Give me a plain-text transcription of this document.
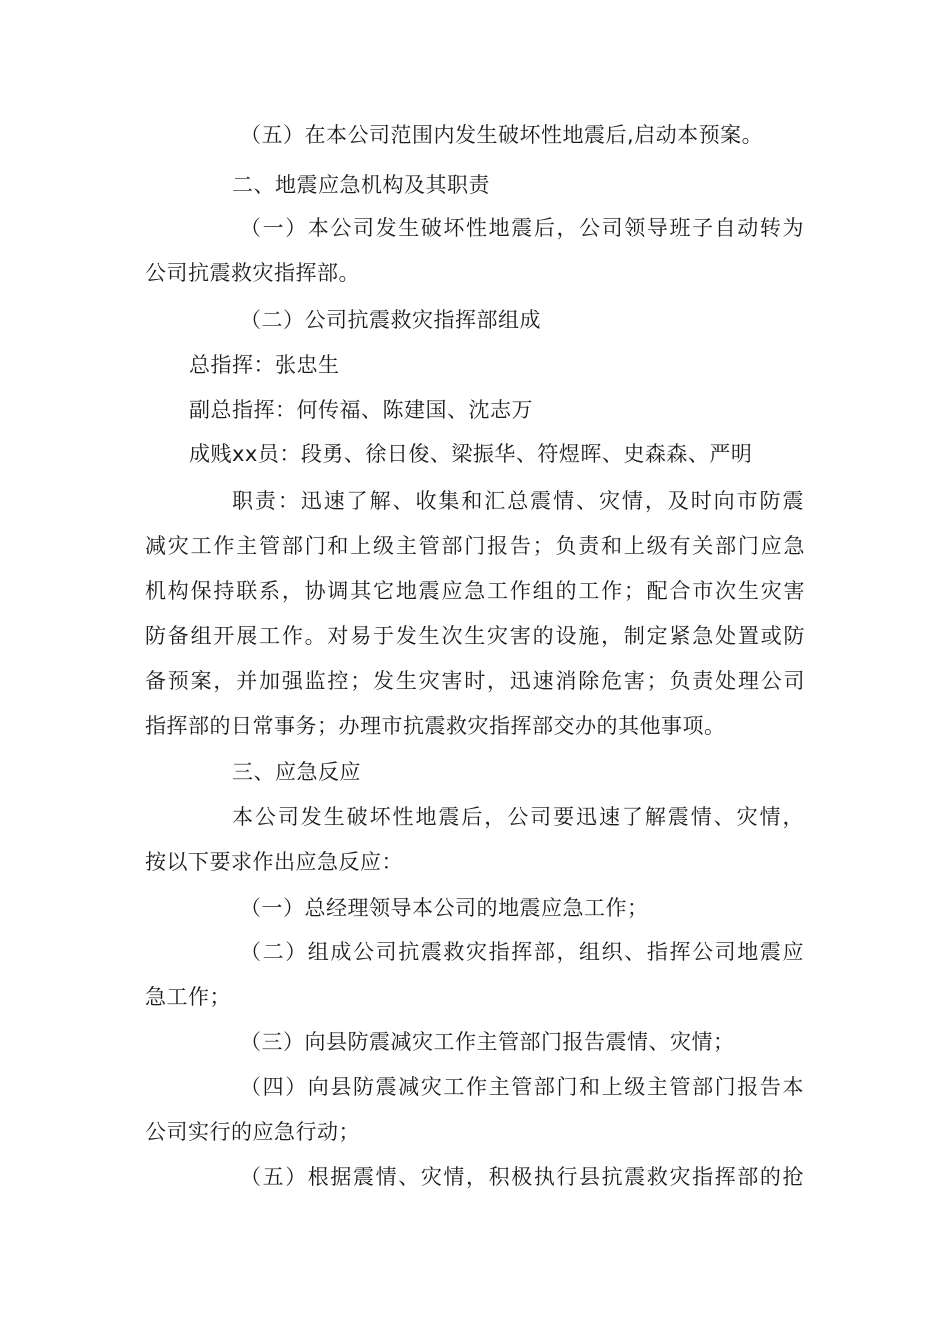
（五）在本公司范围内发生破坏性地震后,启动本预案。
二、地震应急机构及其职责
（一）本公司发生破坏性地震后，公司领导班子自动转为
公司抗震救灾指挥部。
（二）公司抗震救灾指挥部组成
总指挥：张忠生
副总指挥：何传福、陈建国、沈志万
成贱xx员：段勇、徐日俊、梁振华、符煜晖、史森森、严明
职责：迅速了解、收集和汇总震情、灾情，及时向市防震
减灾工作主管部门和上级主管部门报告；负责和上级有关部门应急
机构保持联系，协调其它地震应急工作组的工作；配合市次生灾害
防备组开展工作。对易于发生次生灾害的设施，制定紧急处置或防
备预案，并加强监控；发生灾害时，迅速消除危害；负责处理公司
指挥部的日常事务；办理市抗震救灾指挥部交办的其他事项。
三、应急反应
本公司发生破坏性地震后，公司要迅速了解震情、灾情，
按以下要求作出应急反应：
（一）总经理领导本公司的地震应急工作；
（二）组成公司抗震救灾指挥部，组织、指挥公司地震应
急工作；
（三）向县防震减灾工作主管部门报告震情、灾情；
（四）向县防震减灾工作主管部门和上级主管部门报告本
公司实行的应急行动；
（五）根据震情、灾情，积极执行县抗震救灾指挥部的抢
